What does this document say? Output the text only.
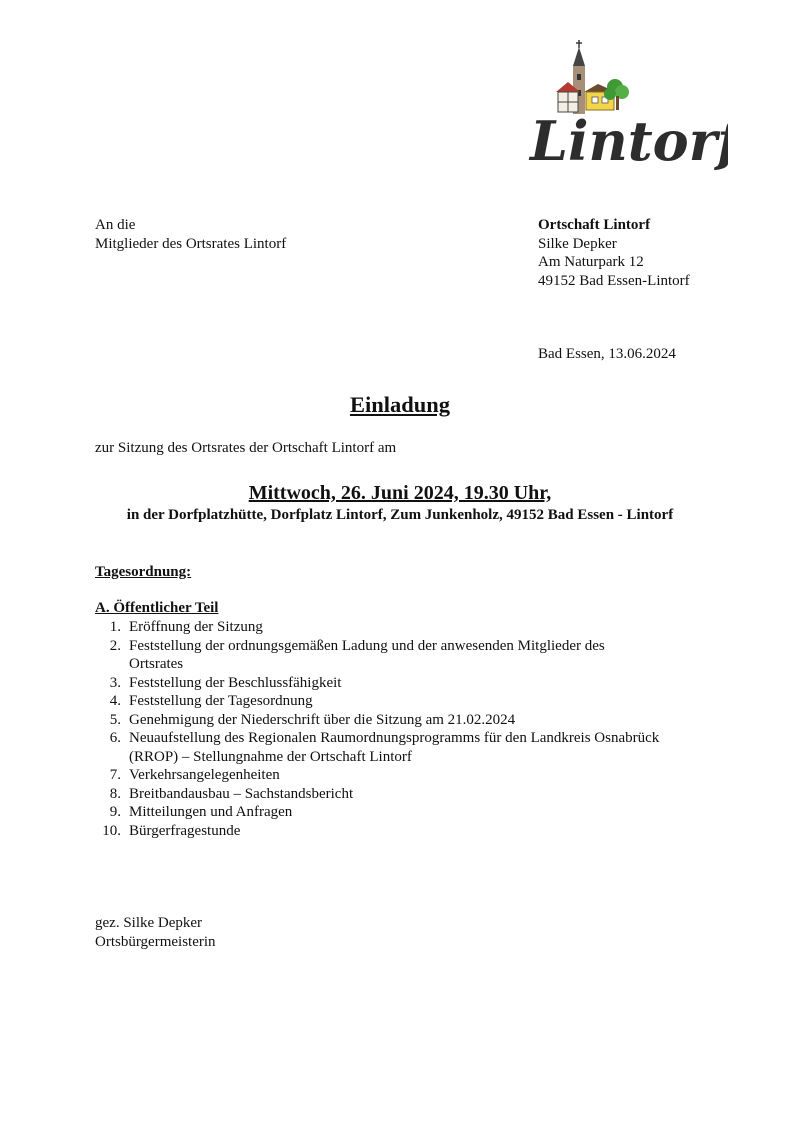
Lintorf
An die
Mitglieder des Ortsrates Lintorf
Ortschaft Lintorf
Silke Depker
Am Naturpark 12
49152 Bad Essen-Lintorf
Bad Essen, 13.06.2024
Einladung
zur Sitzung des Ortsrates der Ortschaft Lintorf am
Mittwoch, 26. Juni 2024, 19.30 Uhr,
in der Dorfplatzhütte, Dorfplatz Lintorf, Zum Junkenholz, 49152 Bad Essen - Lintorf
Tagesordnung:
A. Öffentlicher Teil
1. Eröffnung der Sitzung
2. Feststellung der ordnungsgemäßen Ladung und der anwesenden Mitglieder des
Ortsrates
3. Feststellung der Beschlussfähigkeit
4. Feststellung der Tagesordnung
5. Genehmigung der Niederschrift über die Sitzung am 21.02.2024
6. Neuaufstellung des Regionalen Raumordnungsprogramms für den Landkreis Osnabrück
(RROP) – Stellungnahme der Ortschaft Lintorf
7. Verkehrsangelegenheiten
8. Breitbandausbau – Sachstandsbericht
9. Mitteilungen und Anfragen
10. Bürgerfragestunde
gez. Silke Depker
Ortsbürgermeisterin
